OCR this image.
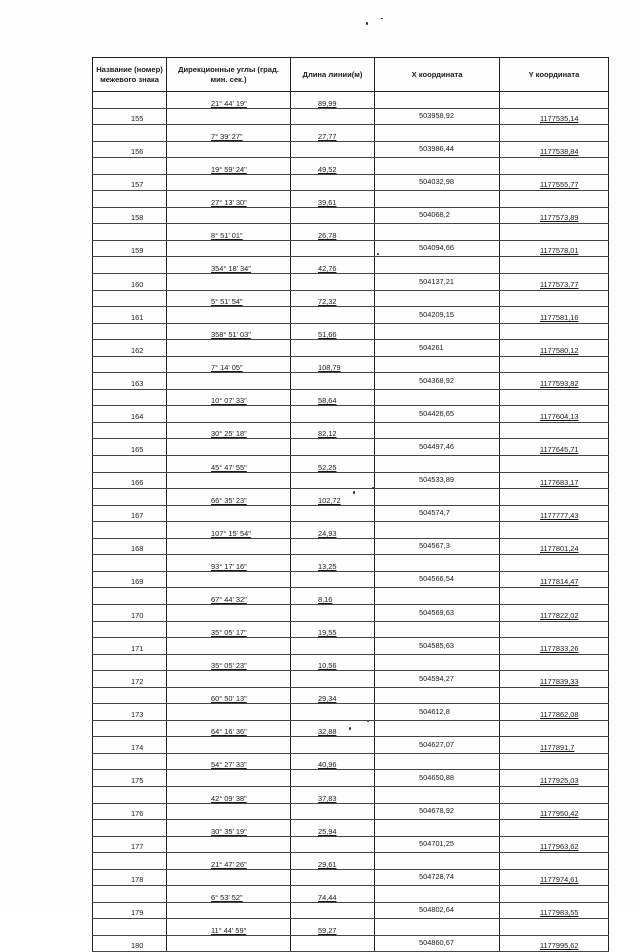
Название (номер) межевого знака	Дирекционные углы (град. мин. сек.)	Длина линии(м)	X координата	Y координата

	21° 44' 19"	89,99		

155			503958,92	1177535,14

	7° 39' 27"	27,77		

156			503986,44	1177538,84

	19° 59' 24"	49,52		

157			504032,98	1177555,77

	27° 13' 30"	39,61		

158			504068,2	1177573,89

	8° 51' 01"	26,78		

159			504094,66	1177578,01

	354° 18' 34"	42,76		

160			504137,21	1177573,77

	5° 51' 54"	72,32		

161			504209,15	1177581,16

	358° 51' 03"	51,66		

162			504261	1177580,12

	7° 14' 05"	108,79		

163			504368,92	1177593,82

	10° 07' 33"	58,64		

164			504426,65	1177604,13

	30° 25' 18"	82,12		

165			504497,46	1177645,71

	45° 47' 55"	52,25		

166			504533,89	1177683,17

	66° 35' 23"	102,72		

167			504574,7	1177777,43

	107° 15' 54"	24,93		

168			504567,3	1177801,24

	93° 17' 16"	13,25		

169			504566,54	1177814,47

	67° 44' 32"	8,16		

170			504569,63	1177822,02

	35° 05' 17"	19,55		

171			504585,63	1177833,26

	35° 05' 23"	10,56		

172			504594,27	1177839,33

	60° 50' 13"	29,34		

173			504612,8	1177862,08

	64° 16' 36"	32,88		

174			504627,07	1177891,7

	54° 27' 33"	40,96		

175			504650,88	1177925,03

	42° 09' 38"	37,83		

176			504678,92	1177950,42

	30° 35' 19"	25,94		

177			504701,25	1177963,62

	21° 47' 26"	29,61		

178			504728,74	1177974,61

	6° 53' 52"	74,44		

179			504802,64	1177983,55

	11° 44' 59"	59,27		

180			504860,67	1177995,62
